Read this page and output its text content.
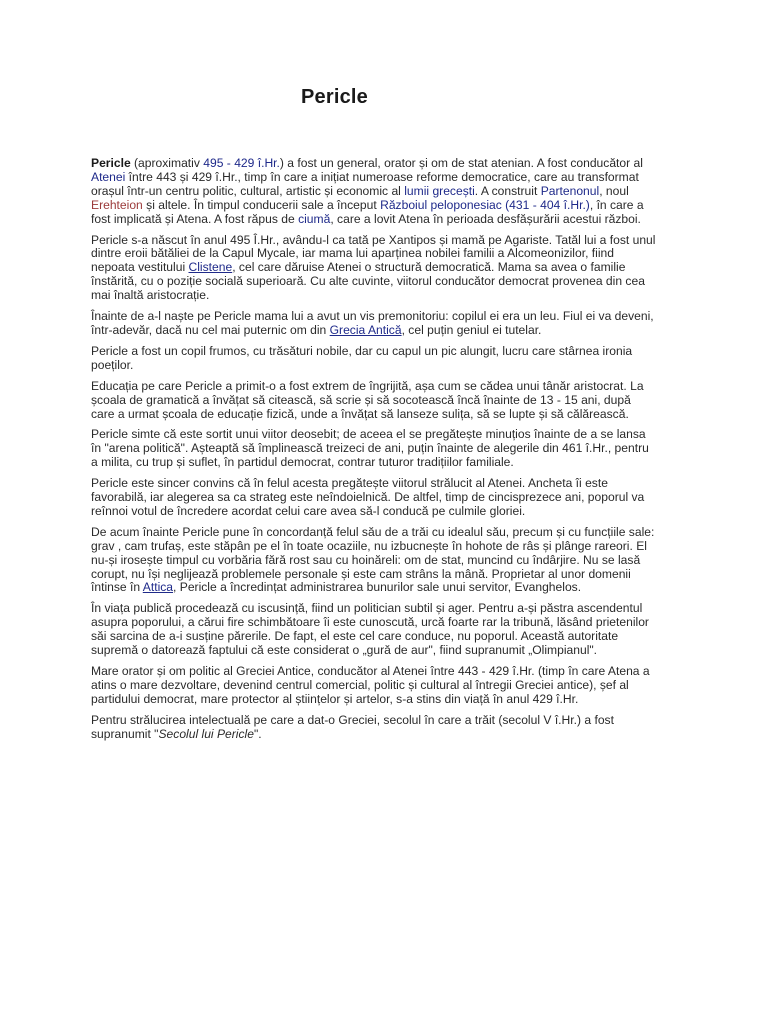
Pericle

Pericle (aproximativ 495 - 429 î.Hr.) a fost un general, orator și om de stat atenian. A fost conducător al Atenei între 443 și 429 î.Hr., timp în care a inițiat numeroase reforme democratice, care au transformat orașul într-un centru politic, cultural, artistic și economic al lumii grecești. A construit Partenonul, noul Erehteion și altele. În timpul conducerii sale a început Războiul peloponesiac (431 - 404 î.Hr.), în care a fost implicată și Atena. A fost răpus de ciumă, care a lovit Atena în perioada desfășurării acestui război.

Pericle s-a născut în anul 495 Î.Hr., avându-l ca tată pe Xantipos și mamă pe Agariste. Tatăl lui a fost unul dintre eroii bătăliei de la Capul Mycale, iar mama lui aparținea nobilei familii a Alcomeonizilor, fiind nepoata vestitului Clistene, cel care dăruise Atenei o structură democratică. Mama sa avea o familie înstărită, cu o poziție socială superioară. Cu alte cuvinte, viitorul conducător democrat provenea din cea mai înaltă aristocrație.

Înainte de a-l naște pe Pericle mama lui a avut un vis premonitoriu: copilul ei era un leu. Fiul ei va deveni, într-adevăr, dacă nu cel mai puternic om din Grecia Antică, cel puțin geniul ei tutelar.

Pericle a fost un copil frumos, cu trăsături nobile, dar cu capul un pic alungit, lucru care stârnea ironia poeților.

Educația pe care Pericle a primit-o a fost extrem de îngrijită, așa cum se cădea unui tânăr aristocrat. La școala de gramatică a învățat să citească, să scrie și să socotească încă înainte de 13 - 15 ani, după care a urmat școala de educație fizică, unde a învățat să lanseze sulița, să se lupte și să călărească.

Pericle simte că este sortit unui viitor deosebit; de aceea el se pregătește minuțios înainte de a se lansa în "arena politică". Așteaptă să împlinească treizeci de ani, puțin înainte de alegerile din 461 î.Hr., pentru a milita, cu trup și suflet, în partidul democrat, contrar tuturor tradițiilor familiale.

Pericle este sincer convins că în felul acesta pregătește viitorul strălucit al Atenei. Ancheta îi este favorabilă, iar alegerea sa ca strateg este neîndoielnică. De altfel, timp de cincisprezece ani, poporul va reînnoi votul de încredere acordat celui care avea să-l conducă pe culmile gloriei.

De acum înainte Pericle pune în concordanță felul său de a trăi cu idealul său, precum și cu funcțiile sale: grav , cam trufaș, este stăpân pe el în toate ocaziile, nu izbucnește în hohote de râs și plânge rareori. El nu-și irosește timpul cu vorbăria fără rost sau cu hoinăreli: om de stat, muncind cu îndârjire. Nu se lasă corupt, nu își neglijează problemele personale și este cam strâns la mână. Proprietar al unor domenii întinse în Attica, Pericle a încredințat administrarea bunurilor sale unui servitor, Evanghelos.

În viața publică procedează cu iscusință, fiind un politician subtil și ager. Pentru a-și păstra ascendentul asupra poporului, a cărui fire schimbătoare îi este cunoscută, urcă foarte rar la tribună, lăsând prietenilor săi sarcina de a-i susține părerile. De fapt, el este cel care conduce, nu poporul. Această autoritate supremă o datorează faptului că este considerat o „gură de aur", fiind supranumit „Olimpianul".

Mare orator și om politic al Greciei Antice, conducător al Atenei între 443 - 429 î.Hr. (timp în care Atena a atins o mare dezvoltare, devenind centrul comercial, politic și cultural al întregii Greciei antice), șef al partidului democrat, mare protector al științelor și artelor, s-a stins din viață în anul 429 î.Hr.

Pentru strălucirea intelectuală pe care a dat-o Greciei, secolul în care a trăit (secolul V î.Hr.) a fost supranumit "Secolul lui Pericle".
